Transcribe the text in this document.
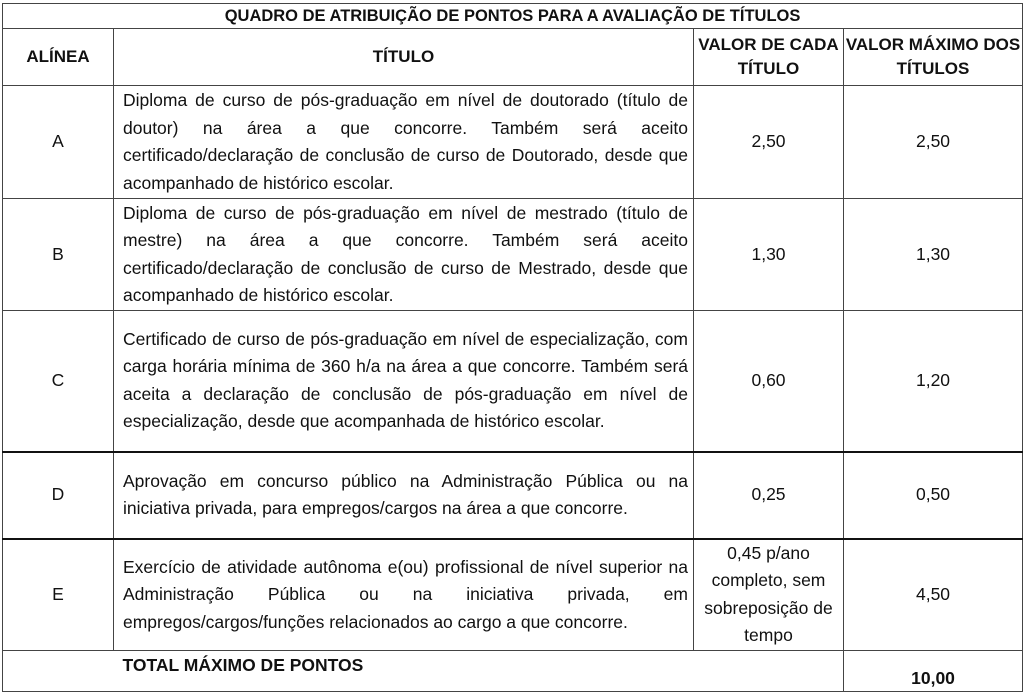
QUADRO DE ATRIBUIÇÃO DE PONTOS PARA A AVALIAÇÃO DE TÍTULOS			
ALÍNEA	TÍTULO	VALOR DE CADA TÍTULO	VALOR MÁXIMO DOS TÍTULOS
A	Diploma de curso de pós-graduação em nível de doutorado (título de doutor) na área a que concorre. Também será aceito certificado/declaração de conclusão de curso de Doutorado, desde que acompanhado de histórico escolar.	2,50	2,50
B	Diploma de curso de pós-graduação em nível de mestrado (título de mestre) na área a que concorre. Também será aceito certificado/declaração de conclusão de curso de Mestrado, desde que acompanhado de histórico escolar.	1,30	1,30
C	Certificado de curso de pós-graduação em nível de especialização, com carga horária mínima de 360 h/a na área a que concorre. Também será aceita a declaração de conclusão de pós-graduação em nível de especialização, desde que acompanhada de histórico escolar.	0,60	1,20
D	Aprovação em concurso público na Administração Pública ou na iniciativa privada, para empregos/cargos na área a que concorre.	0,25	0,50
E	Exercício de atividade autônoma e(ou) profissional de nível superior na Administração Pública ou na iniciativa privada, em empregos/cargos/funções relacionados ao cargo a que concorre.	0,45 p/ano completo, sem sobreposição de tempo	4,50
	TOTAL MÁXIMO DE PONTOS		10,00
